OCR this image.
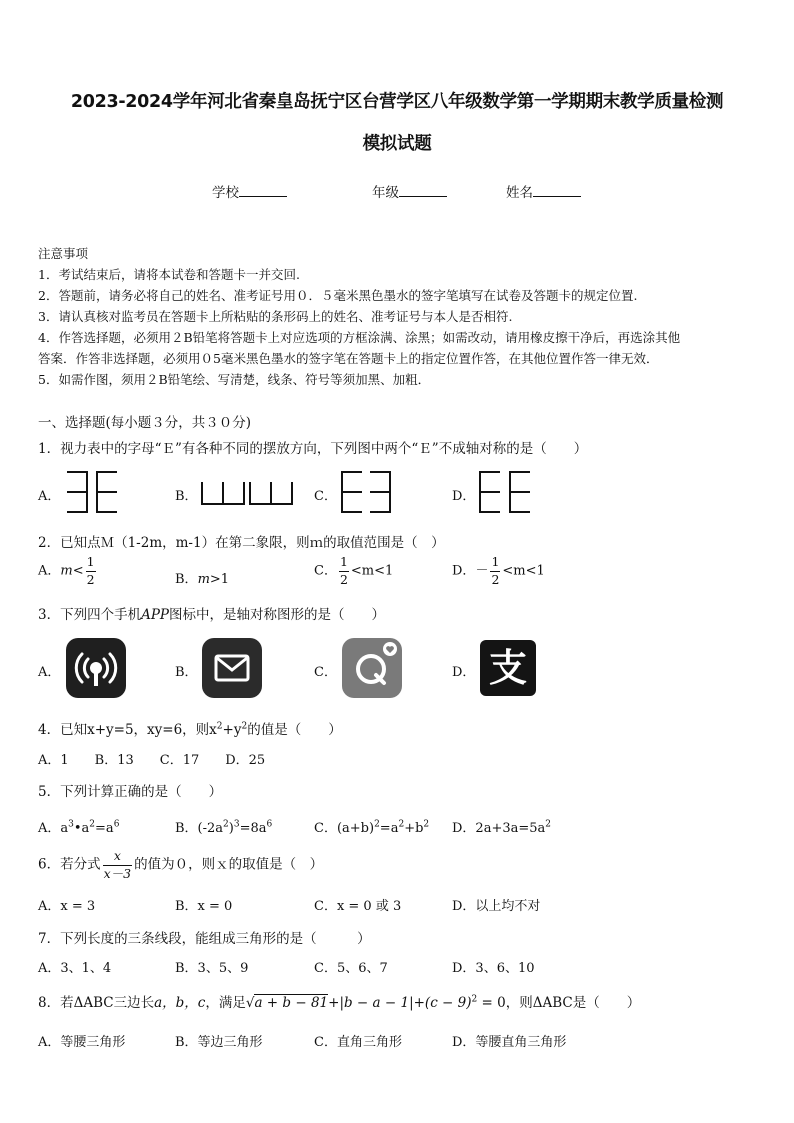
2023-2024学年河北省秦皇岛抚宁区台营学区八年级数学第一学期期末教学质量检测
模拟试题
学校	年级	姓名
注意事项
1．考试结束后，请将本试卷和答题卡一并交回.
2．答题前，请务必将自己的姓名、准考证号用０．５毫米黑色墨水的签字笔填写在试卷及答题卡的规定位置.
3．请认真核对监考员在答题卡上所粘贴的条形码上的姓名、准考证号与本人是否相符.
4．作答选择题，必须用２B铅笔将答题卡上对应选项的方框涂满、涂黑；如需改动，请用橡皮擦干净后，再选涂其他
答案．作答非选择题，必须用０5毫米黑色墨水的签字笔在答题卡上的指定位置作答，在其他位置作答一律无效．
5．如需作图，须用２B铅笔绘、写清楚，线条、符号等须加黑、加粗．
一、选择题(每小题３分，共３０分)
1．视力表中的字母“Ｅ”有各种不同的摆放方向，下列图中两个“Ｅ”不成轴对称的是（　　）
A．	B．	C．	D．
2．已知点Ｍ（1-2m，m-1）在第二象限，则ｍ的取值范围是（　）
A．$m< \frac{1}{2}$	B．m>1
C． $\frac{1}{2} <m<1$	D．－ $\frac{1}{2} <m<1$
3．下列四个手机APP图标中，是轴对称图形的是（　　）
A．	B．	C．	D． 支
4．已知x+y=5，xy=6，则$x^2+y^2$的值是（　　）
A．1　　B．13　　C．17　　D．25
5．下列计算正确的是（　　）
A．$a^3•a^2=a^6$	B．$(-2a^2)^3=8a^6$	C．$(a+b)^2=a^2+b^2$ D．$2a+3a=5a^2$
6．若分式 $\frac{x}{x-3}$ 的值为０，则ｘ的取值是（　）
A．x = 3	B．x = 0	C．x = 0 或 3	D．以上均不对
7．下列长度的三条线段，能组成三角形的是（　　　）
A．3、1、4	B．3、5、9	C．5、6、7	D．3、6、10
8．若ΔABC三边长a，b，c，满足$√a + b - 81+|b - a - 1|+(c - 9)^2 = 0$，则ΔABC是（　　）
A．等腰三角形	B．等边三角形	C．直角三角形	D．等腰直角三角形
